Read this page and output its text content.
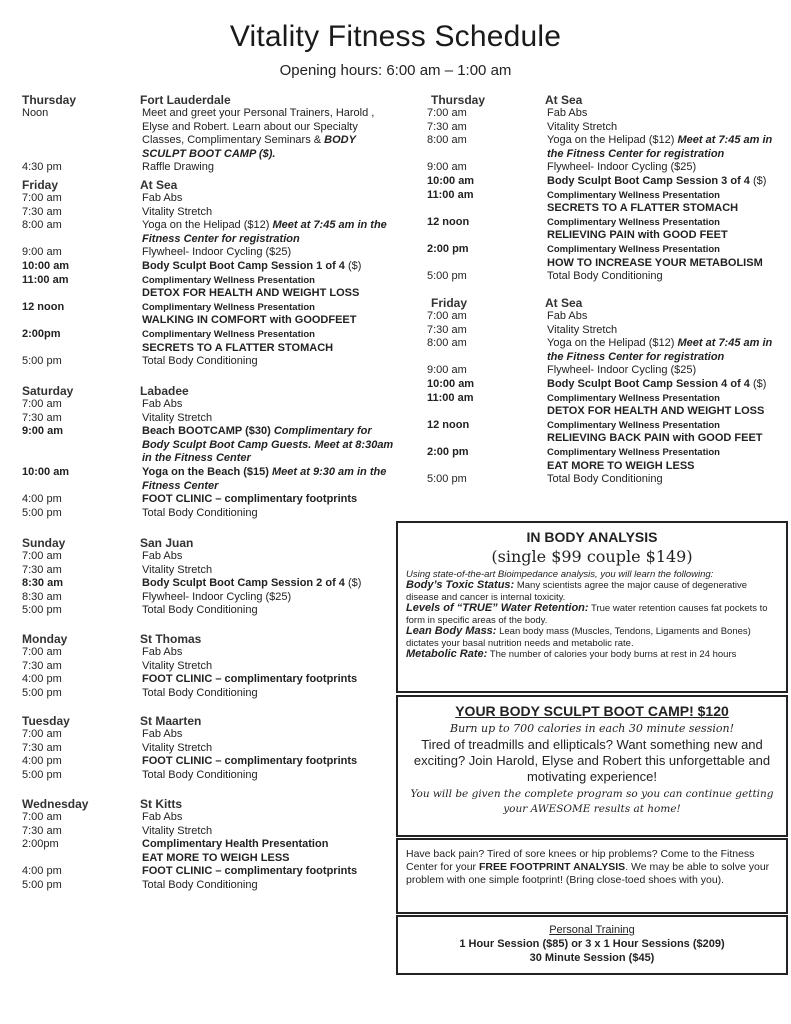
Vitality Fitness Schedule
Opening hours: 6:00 am – 1:00 am
Thursday	Fort Lauderdale
Noon	Meet and greet your Personal Trainers, Harold , Elyse and Robert. Learn about our Specialty Classes, Complimentary Seminars & BODY SCULPT BOOT CAMP ($).
4:30 pm	Raffle Drawing
Friday	At Sea
7:00 am	Fab Abs
7:30 am	Vitality Stretch
8:00 am	Yoga on the Helipad ($12) Meet at 7:45 am in the Fitness Center for registration
9:00 am	Flywheel- Indoor Cycling ($25)
10:00 am	Body Sculpt Boot Camp Session 1 of 4 ($)
11:00 am	Complimentary Wellness Presentation
DETOX FOR HEALTH AND WEIGHT LOSS
12 noon	Complimentary Wellness Presentation
WALKING IN COMFORT with GOODFEET
2:00pm	Complimentary Wellness Presentation
SECRETS TO A FLATTER STOMACH
5:00 pm	Total Body Conditioning
Saturday	Labadee
7:00 am	Fab Abs
7:30 am	Vitality Stretch
9:00 am	Beach BOOTCAMP ($30) Complimentary for Body Sculpt Boot Camp Guests. Meet at 8:30am in the Fitness Center
10:00 am	Yoga on the Beach ($15) Meet at 9:30 am in the Fitness Center
4:00 pm	FOOT CLINIC – complimentary footprints
5:00 pm	Total Body Conditioning
Sunday	San Juan
7:00 am	Fab Abs
7:30 am	Vitality Stretch
8:30 am	Body Sculpt Boot Camp Session 2 of 4 ($)
8:30 am	Flywheel- Indoor Cycling ($25)
5:00 pm	Total Body Conditioning
Monday	St Thomas
7:00 am	Fab Abs
7:30 am	Vitality Stretch
4:00 pm	FOOT CLINIC – complimentary footprints
5:00 pm	Total Body Conditioning
Tuesday	St Maarten
7:00 am	Fab Abs
7:30 am	Vitality Stretch
4:00 pm	FOOT CLINIC – complimentary footprints
5:00 pm	Total Body Conditioning
Wednesday	St Kitts
7:00 am	Fab Abs
7:30 am	Vitality Stretch
2:00pm	Complimentary Health Presentation
EAT MORE TO WEIGH LESS
4:00 pm	FOOT CLINIC – complimentary footprints
5:00 pm	Total Body Conditioning
Thursday	At Sea
7:00 am	Fab Abs
7:30 am	Vitality Stretch
8:00 am	Yoga on the Helipad ($12) Meet at 7:45 am in the Fitness Center for registration
9:00 am	Flywheel- Indoor Cycling ($25)
10:00 am	Body Sculpt Boot Camp Session 3 of 4 ($)
11:00 am	Complimentary Wellness Presentation
SECRETS TO A FLATTER STOMACH
12 noon	Complimentary Wellness Presentation
RELIEVING PAIN with GOOD FEET
2:00 pm	Complimentary Wellness Presentation
HOW TO INCREASE YOUR METABOLISM
5:00 pm	Total Body Conditioning
Friday	At Sea
7:00 am	Fab Abs
7:30 am	Vitality Stretch
8:00 am	Yoga on the Helipad ($12) Meet at 7:45 am in the Fitness Center for registration
9:00 am	Flywheel- Indoor Cycling ($25)
10:00 am	Body Sculpt Boot Camp Session 4 of 4 ($)
11:00 am	Complimentary Wellness Presentation
DETOX FOR HEALTH AND WEIGHT LOSS
12 noon	Complimentary Wellness Presentation
RELIEVING BACK PAIN with GOOD FEET
2:00 pm	Complimentary Wellness Presentation
EAT MORE TO WEIGH LESS
5:00 pm	Total Body Conditioning
IN BODY ANALYSIS
(single $99 couple $149)
Using state-of-the-art Bioimpedance analysis, you will learn the following:

Body’s Toxic Status: Many scientists agree the major cause of degenerative disease and cancer is internal toxicity.

Levels of “TRUE” Water Retention: True water retention causes fat pockets to form in specific areas of the body.

Lean Body Mass: Lean body mass (Muscles, Tendons, Ligaments and Bones) dictates your basal nutrition needs and metabolic rate.

Metabolic Rate: The number of calories your body burns at rest in 24 hours

YOUR BODY SCULPT BOOT CAMP! $120
Burn up to 700 calories in each 30 minute session!
Tired of treadmills and ellipticals? Want something new and exciting? Join Harold, Elyse and Robert this unforgettable and motivating experience!
You will be given the complete program so you can continue getting your AWESOME results at home!
Have back pain? Tired of sore knees or hip problems? Come to the Fitness Center for your FREE FOOTPRINT ANALYSIS. We may be able to solve your problem with one simple footprint! (Bring close-toed shoes with you).
Personal Training
1 Hour Session ($85) or 3 x 1 Hour Sessions ($209)
30 Minute Session ($45)
